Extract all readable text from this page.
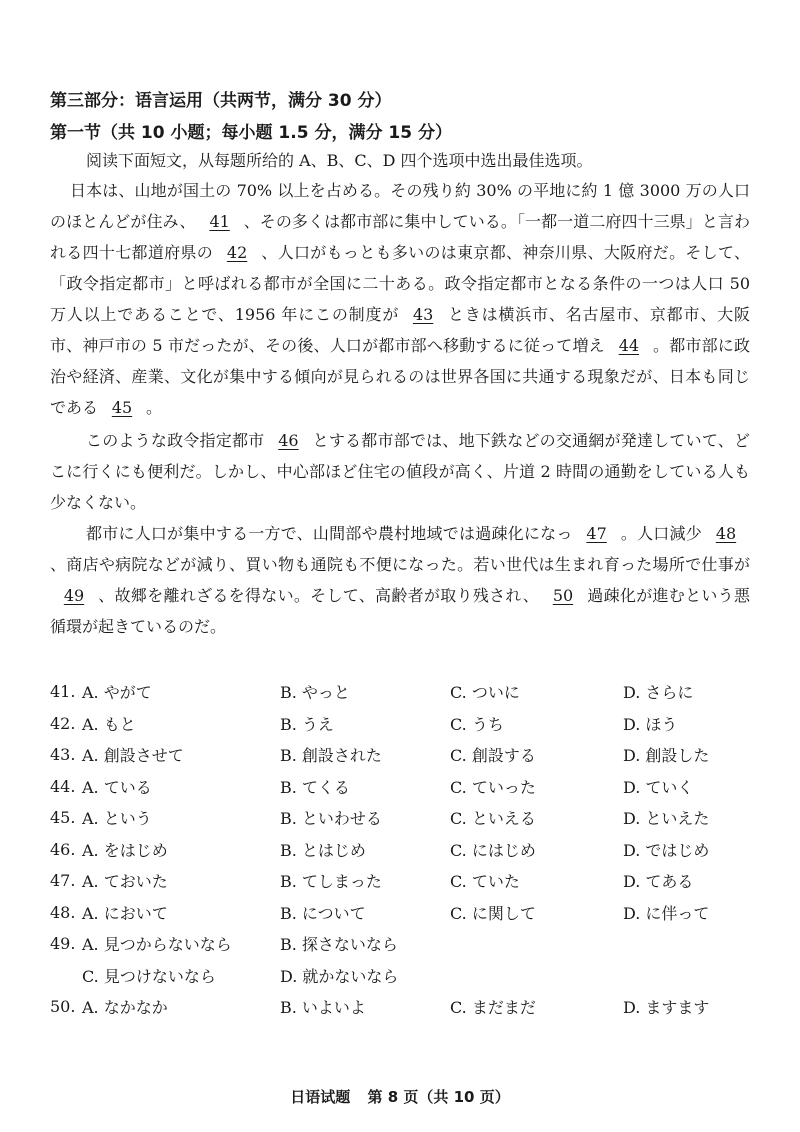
第三部分：语言运用（共两节，满分 30 分）
第一节（共 10 小题；每小题 1.5 分，满分 15 分）
阅读下面短文，从每题所给的 A、B、C、D 四个选项中选出最佳选项。
日本は、山地が国土の 70% 以上を占める。その残り約 30% の平地に約 1 億 3000 万の人口のほとんどが住み、 41 、その多くは都市部に集中している。「一都一道二府四十三県」と言われる四十七都道府県の 42 、人口がもっとも多いのは東京都、神奈川県、大阪府だ。そして、「政令指定都市」と呼ばれる都市が全国に二十ある。政令指定都市となる条件の一つは人口 50 万人以上であることで、1956 年にこの制度が 43 ときは横浜市、名古屋市、京都市、大阪市、神戸市の 5 市だったが、その後、人口が都市部へ移動するに従って増え 44 。都市部に政治や経済、産業、文化が集中する傾向が見られるのは世界各国に共通する現象だが、日本も同じである 45 。
このような政令指定都市 46 とする都市部では、地下鉄などの交通網が発達していて、どこに行くにも便利だ。しかし、中心部ほど住宅の値段が高く、片道 2 時間の通勤をしている人も少なくない。
都市に人口が集中する一方で、山間部や農村地域では過疎化になっ 47 。人口減少 48、商店や病院などが減り、買い物も通院も不便になった。若い世代は生まれ育った場所で仕事が49 、故郷を離れざるを得ない。そして、高齢者が取り残され、 50 過疎化が進むという悪循環が起きているのだ。
41. A. やがて	B. やっと	C. ついに	D. さらに
42. A. もと	B. うえ	C. うち	D. ほう
43. A. 創設させて	B. 創設された	C. 創設する	D. 創設した
44. A. ている	B. てくる	C. ていった	D. ていく
45. A. という	B. といわせる	C. といえる	D. といえた
46. A. をはじめ	B. とはじめ	C. にはじめ	D. ではじめ
47. A. ておいた	B. てしまった	C. ていた	D. てある
48. A. において	B. について	C. に関して	D. に伴って
49. A. 見つからないなら	B. 探さないなら
C. 見つけないなら	D. 就かないなら
50. A. なかなか	B. いよいよ	C. まだまだ	D. ますます
日语试题 第 8 页（共 10 页）
